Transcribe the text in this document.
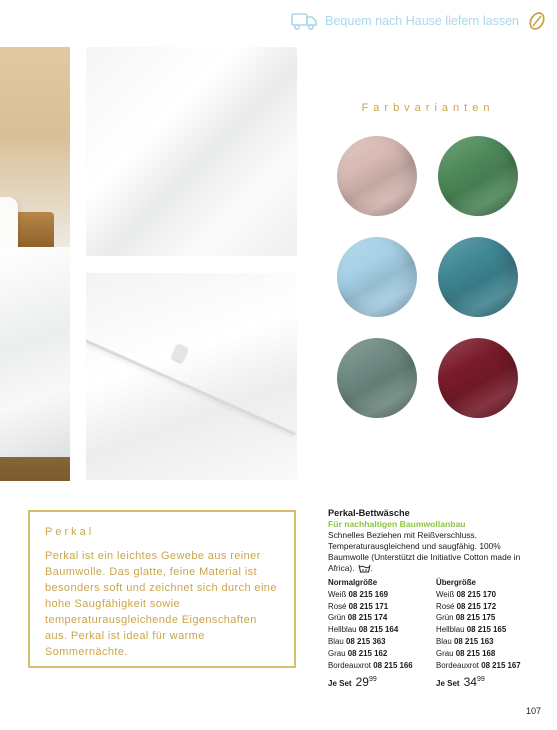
Bequem nach Hause liefern lassen
Farbvarianten
Perkal

Perkal ist ein leichtes Gewebe aus reiner Baumwolle. Das glatte, feine Material ist besonders soft und zeichnet sich durch eine hohe Saugfähigkeit sowie temperaturausgleichende Eigenschaften aus. Perkal ist ideal für warme Sommernächte.

Perkal-Bettwäsche
Für nachhaltigen Baumwollanbau
Schnelles Beziehen mit Reißverschluss. Temperaturausgleichend und saugfähig. 100% Baumwolle (Unterstützt die Initiative Cotton made in Africa). .
Normalgröße
Weiß 08 215 169
Rosé 08 215 171
Grün 08 215 174
Hellblau 08 215 164
Blau 08 215 363
Grau 08 215 162
Bordeauxrot 08 215 166
Je Set $29^{99}$
Übergröße
Weiß 08 215 170
Rosé 08 215 172
Grün 08 215 175
Hellblau 08 215 165
Blau 08 215 163
Grau 08 215 168
Bordeauxrot 08 215 167
Je Set $34^{99}$
107
